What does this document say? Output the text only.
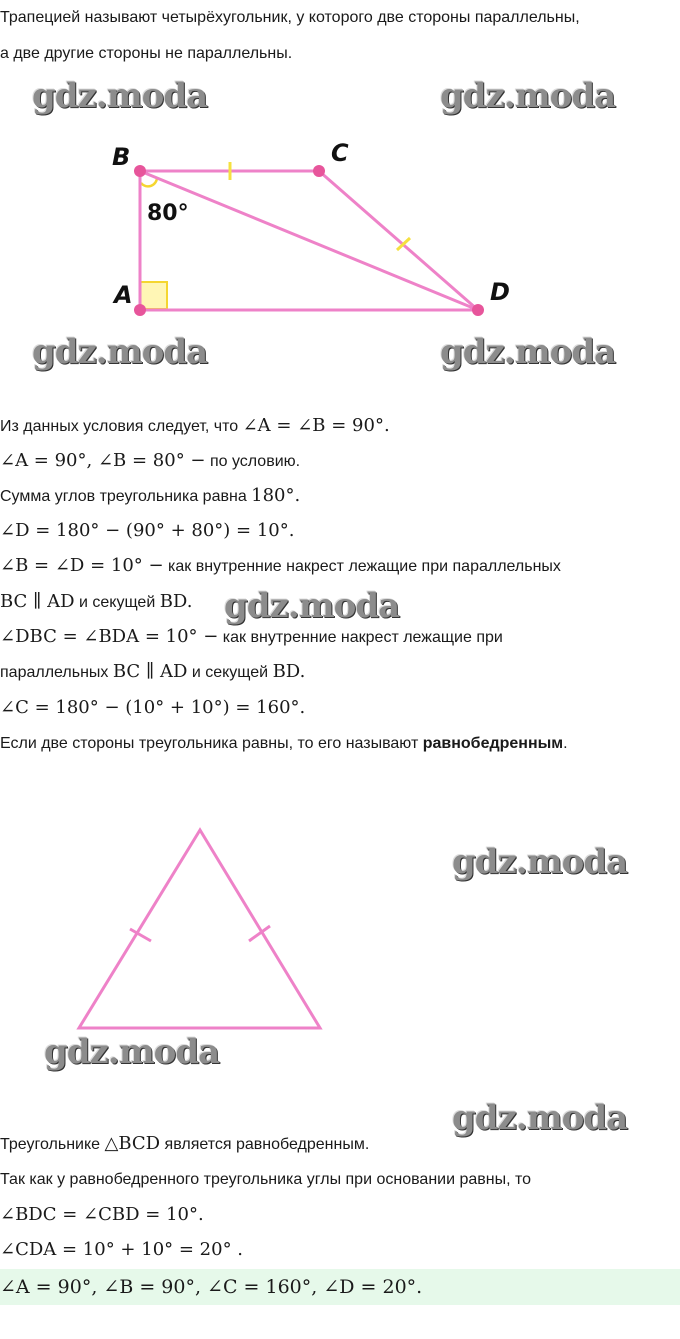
Трапецией называют четырёхугольник, у которого две стороны параллельны,
а две другие стороны не параллельны.
gdz.moda	gdz.moda
gdz.moda	gdz.moda
B	C
A	D
80°
Из данных условия следует, что ∠A = ∠B = 90°.
∠A = 90°, ∠B = 80° − по условию.
Сумма углов треугольника равна 180°.
∠D = 180° − (90° + 80°) = 10°.
∠B = ∠D = 10° − как внутренние накрест лежащие при параллельных
BC ∥ AD и секущей BD. gdz.moda
∠DBC = ∠BDA = 10° − как внутренние накрест лежащие при
параллельных BC ∥ AD и секущей BD.
∠C = 180° − (10° + 10°) = 160°.
Если две стороны треугольника равны, то его называют равнобедренным.
gdz.moda
gdz.moda
gdz.moda
Треугольнике △BCD является равнобедренным.
Так как у равнобедренного треугольника углы при основании равны, то
∠BDC = ∠CBD = 10°.
∠CDA = 10° + 10° = 20° .
∠A = 90°, ∠B = 90°, ∠C = 160°, ∠D = 20°.
